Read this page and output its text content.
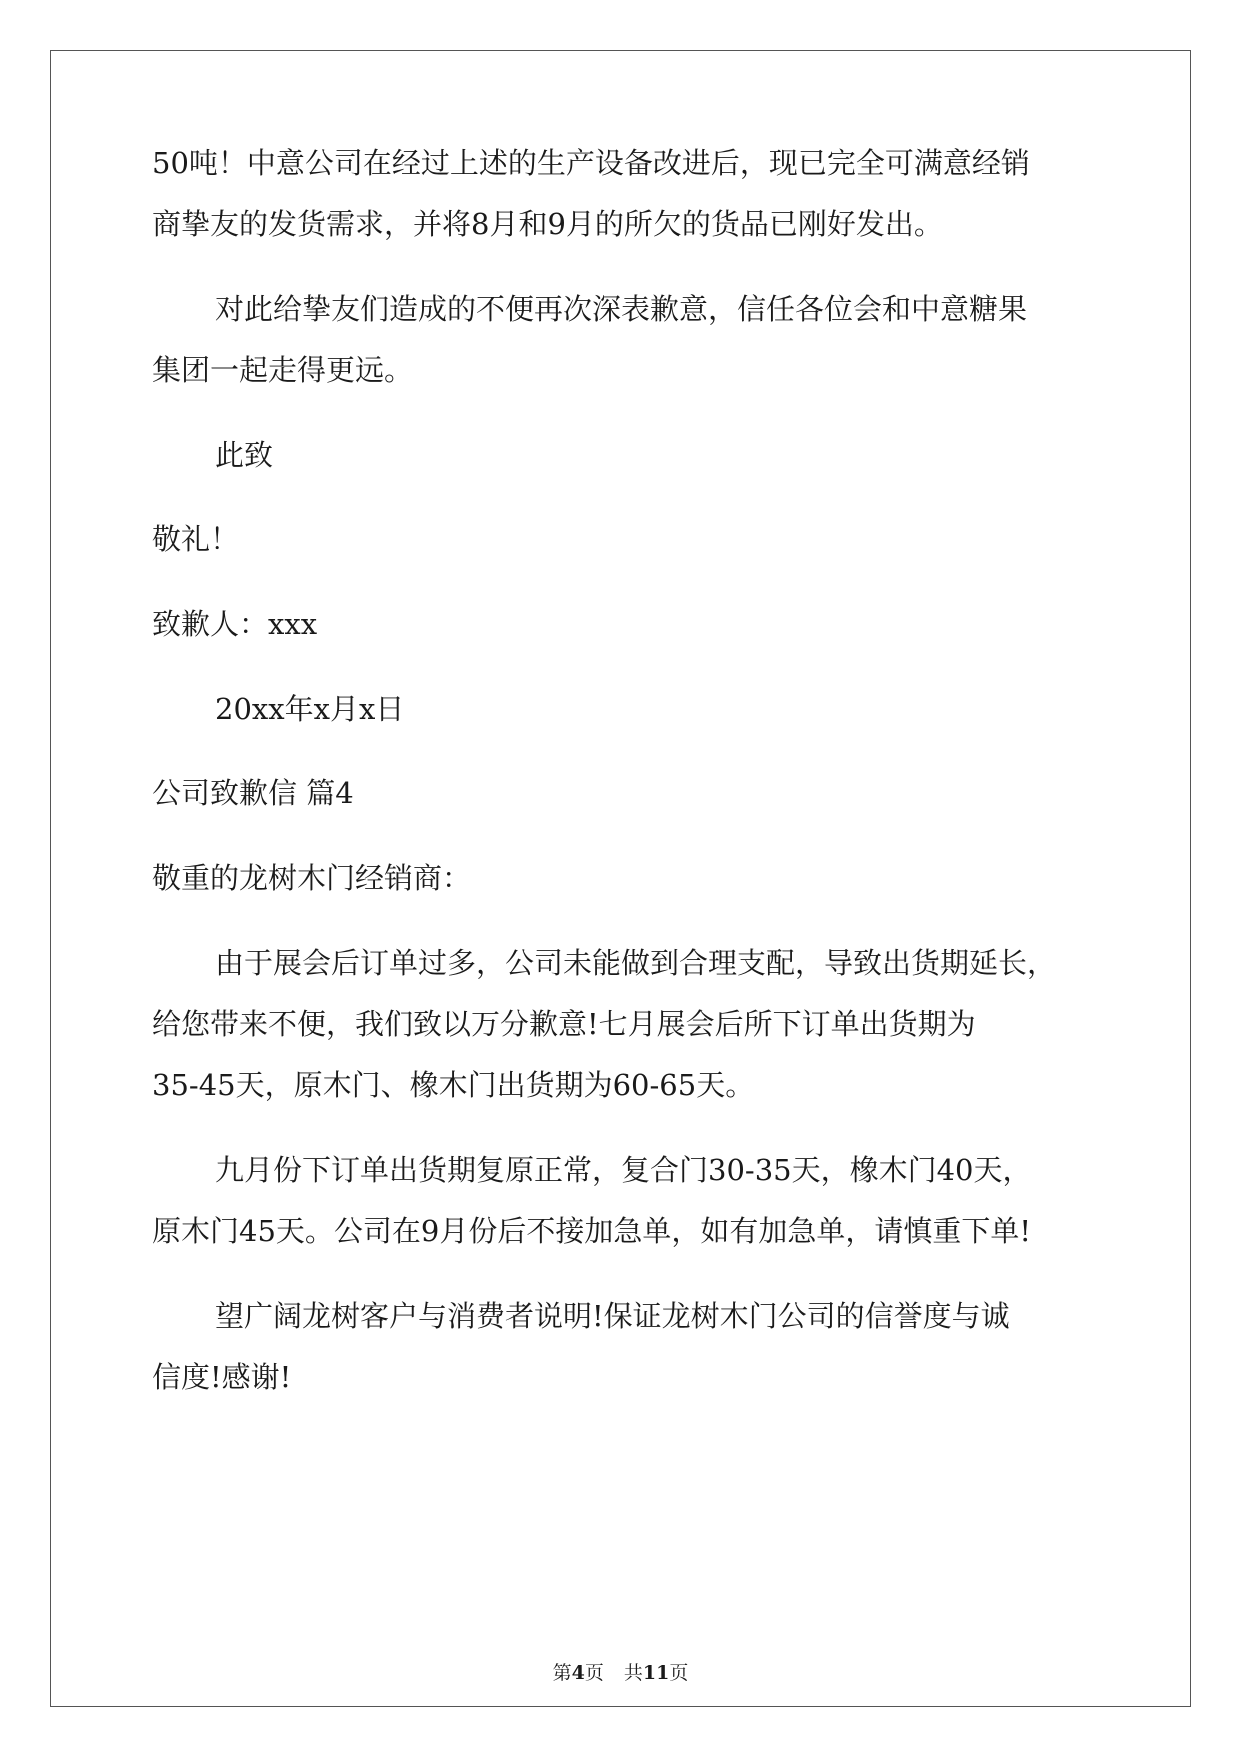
50吨！中意公司在经过上述的生产设备改进后，现已完全可满意经销

商挚友的发货需求，并将8月和9月的所欠的货品已刚好发出。

对此给挚友们造成的不便再次深表歉意，信任各位会和中意糖果

集团一起走得更远。

此致

敬礼！

致歉人：xxx

20xx年x月x日

公司致歉信 篇4

敬重的龙树木门经销商：

由于展会后订单过多，公司未能做到合理支配，导致出货期延长，

给您带来不便，我们致以万分歉意!七月展会后所下订单出货期为

35-45天，原木门、橡木门出货期为60-65天。

九月份下订单出货期复原正常，复合门30-35天，橡木门40天，

原木门45天。公司在9月份后不接加急单，如有加急单，请慎重下单!

望广阔龙树客户与消费者说明!保证龙树木门公司的信誉度与诚

信度!感谢!

第4页 共11页
